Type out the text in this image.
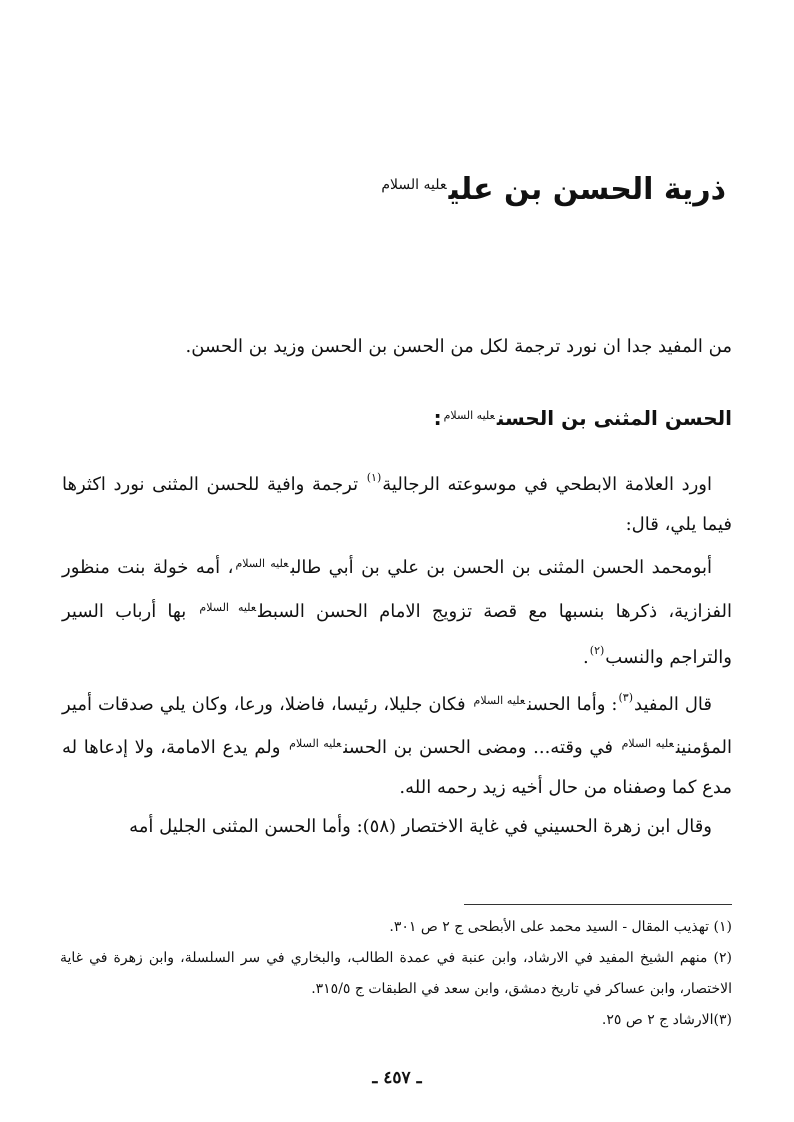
ذرية الحسن بن علي$^{عليه السلام}$
من المفيد جدا ان نورد ترجمة لكل من الحسن بن الحسن وزيد بن الحسن.
الحسن المثنى بن الحسن$^{عليه السلام}$:

اورد العلامة الابطحي في موسوعته الرجالية$^{(١)}$ ترجمة وافية للحسن المثنى نورد اكثرها فيما يلي، قال:

أبومحمد الحسن المثنى بن الحسن بن علي بن أبي طالب$^{عليه السلام}$، أمه خولة بنت منظور الفزازية، ذكرها بنسبها مع قصة تزويج الامام الحسن السبط$^{عليه السلام}$ بها أرباب السير والتراجم والنسب$^{(٢)}$.

قال المفيد$^{(٣)}$: وأما الحسن$^{عليه السلام}$ فكان جليلا، رئيسا، فاضلا، ورعا، وكان يلي صدقات أمير المؤمنين$^{عليه السلام}$ في وقته... ومضى الحسن بن الحسن$^{عليه السلام}$ ولم يدع الامامة، ولا إدعاها له مدع كما وصفناه من حال أخيه زيد رحمه الله.

وقال ابن زهرة الحسيني في غاية الاختصار (٥٨): وأما الحسن المثنى الجليل أمه

(١) تهذيب المقال - السيد محمد على الأبطحى ج ٢ ص ٣٠١.

(٢) منهم الشيخ المفيد في الارشاد، وابن عنبة في عمدة الطالب، والبخاري في سر السلسلة، وابن زهرة في غاية الاختصار، وابن عساكر في تاريخ دمشق، وابن سعد في الطبقات ج ٣١٥/٥.

(٣)الارشاد ج ٢ ص ٢٥.

ـ ٤٥٧ ـ
